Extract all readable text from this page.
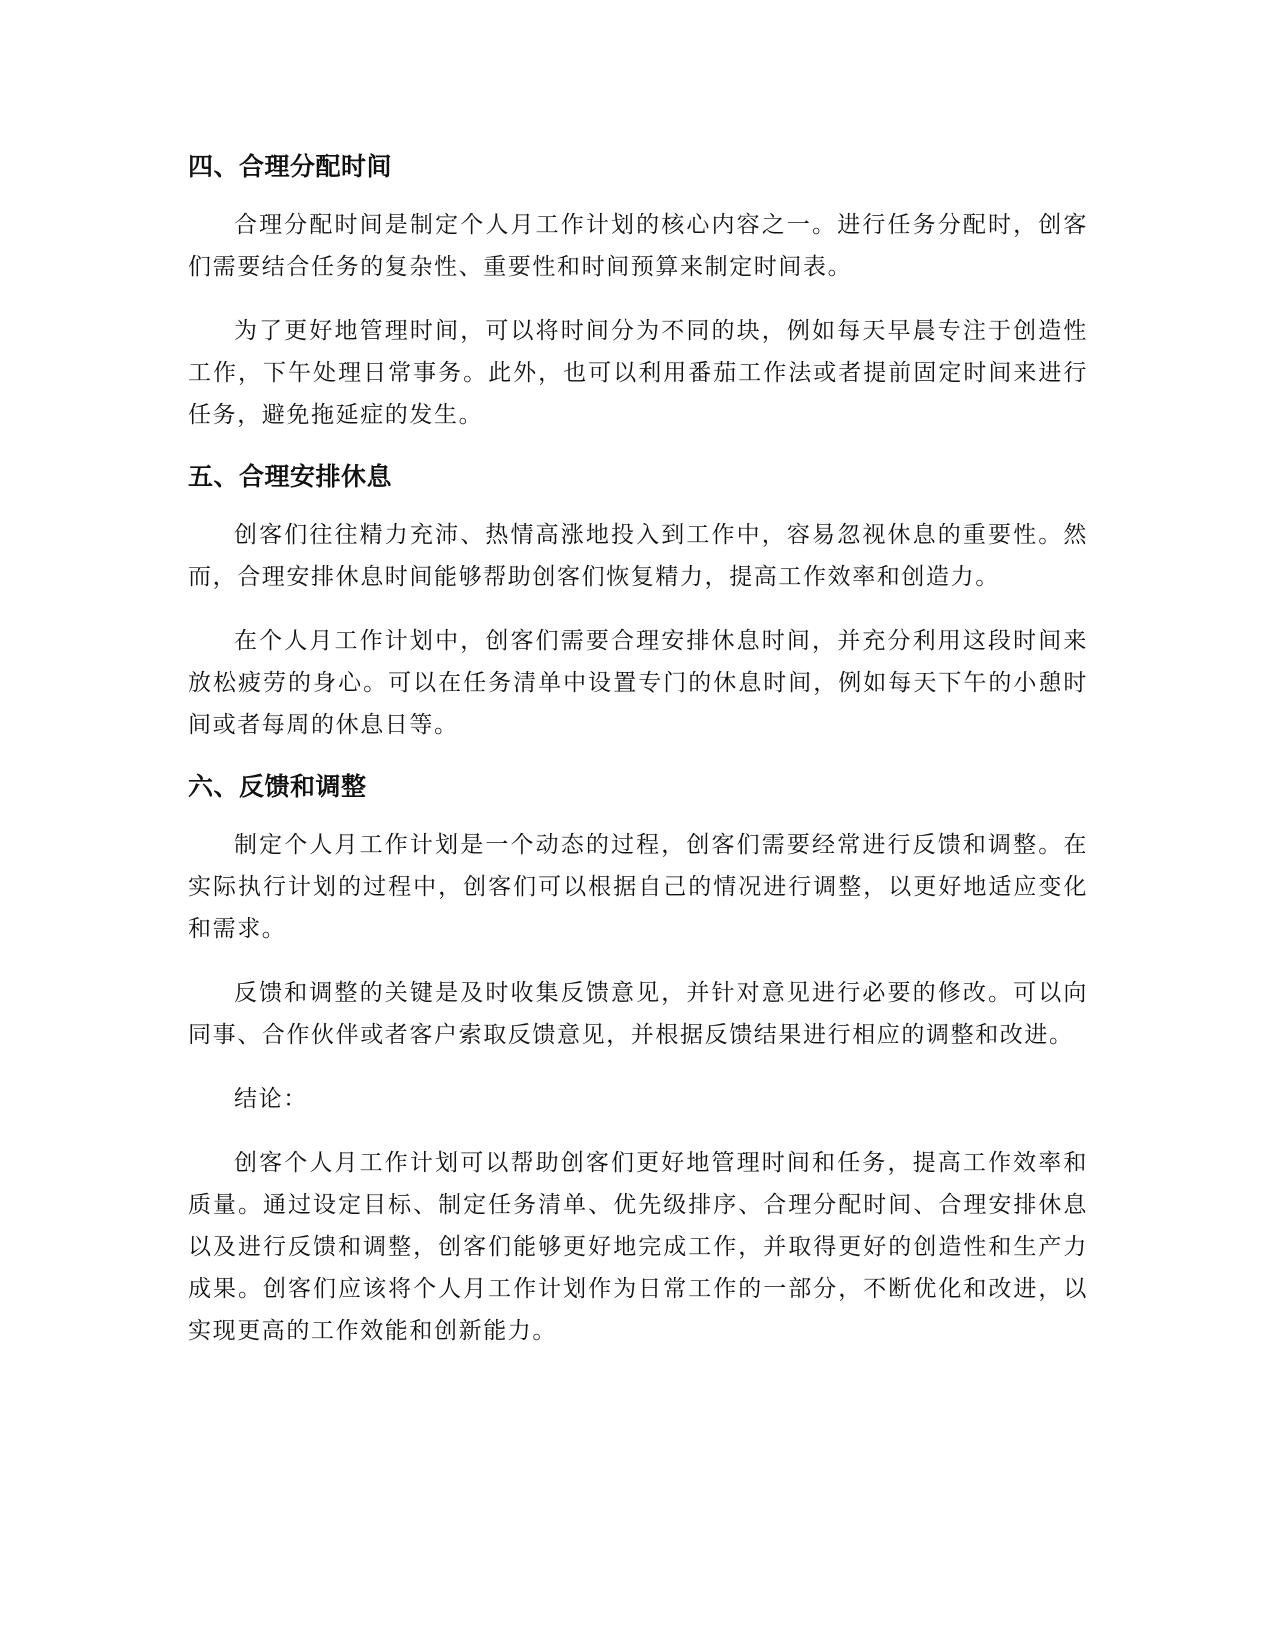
四、合理分配时间

合理分配时间是制定个人月工作计划的核心内容之一。进行任务分配时，创客们需要结合任务的复杂性、重要性和时间预算来制定时间表。

为了更好地管理时间，可以将时间分为不同的块，例如每天早晨专注于创造性工作，下午处理日常事务。此外，也可以利用番茄工作法或者提前固定时间来进行任务，避免拖延症的发生。

五、合理安排休息

创客们往往精力充沛、热情高涨地投入到工作中，容易忽视休息的重要性。然而，合理安排休息时间能够帮助创客们恢复精力，提高工作效率和创造力。

在个人月工作计划中，创客们需要合理安排休息时间，并充分利用这段时间来放松疲劳的身心。可以在任务清单中设置专门的休息时间，例如每天下午的小憩时间或者每周的休息日等。

六、反馈和调整

制定个人月工作计划是一个动态的过程，创客们需要经常进行反馈和调整。在实际执行计划的过程中，创客们可以根据自己的情况进行调整，以更好地适应变化和需求。

反馈和调整的关键是及时收集反馈意见，并针对意见进行必要的修改。可以向同事、合作伙伴或者客户索取反馈意见，并根据反馈结果进行相应的调整和改进。

结论：

创客个人月工作计划可以帮助创客们更好地管理时间和任务，提高工作效率和质量。通过设定目标、制定任务清单、优先级排序、合理分配时间、合理安排休息以及进行反馈和调整，创客们能够更好地完成工作，并取得更好的创造性和生产力成果。创客们应该将个人月工作计划作为日常工作的一部分，不断优化和改进，以实现更高的工作效能和创新能力。
